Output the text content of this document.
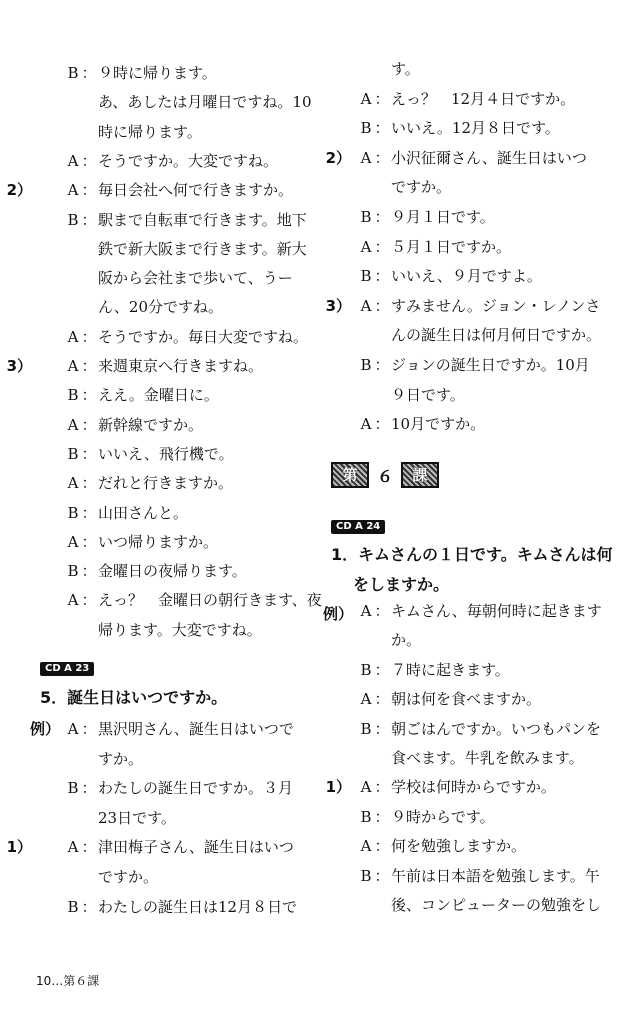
B ： ９時に帰ります。
あ、あしたは月曜日ですね。10
時に帰ります。
A ： そうですか。大変ですね。
2）	A ： 毎日会社へ何で行きますか。
B ： 駅まで自転車で行きます。地下
鉄で新大阪まで行きます。新大
阪から会社まで歩いて、うー
ん、20分ですね。
A ： そうですか。毎日大変ですね。
3）	A ： 来週東京へ行きますね。
B ： ええ。金曜日に。
A ： 新幹線ですか。
B ： いいえ、飛行機で。
A ： だれと行きますか。
B ： 山田さんと。
A ： いつ帰りますか。
B ： 金曜日の夜帰ります。
A ： えっ？　金曜日の朝行きます、夜
帰ります。大変ですね。
CD A 23
5．誕生日はいつですか。
例） A ： 黒沢明さん、誕生日はいつで
すか。
B ： わたしの誕生日ですか。３月
23日です。
1）	A ： 津田梅子さん、誕生日はいつ
ですか。
B ： わたしの誕生日は12月８日で
10…第６課
す。
A ： えっ？　12月４日ですか。
B ： いいえ。12月８日です。
2） A ： 小沢征爾さん、誕生日はいつ
ですか。
B ： ９月１日です。
A ： ５月１日ですか。
B ： いいえ、９月ですよ。
3） A ： すみません。ジョン・レノンさ
んの誕生日は何月何日ですか。
B ： ジョンの誕生日ですか。10月
９日です。
A ： 10月ですか。
第	６	課
CD A 24
1．キムさんの１日です。キムさんは何
をしますか。
例） A ： キムさん、毎朝何時に起きます
か。
B ： ７時に起きます。
A ： 朝は何を食べますか。
B ： 朝ごはんですか。いつもパンを
食べます。牛乳を飲みます。
1） A ： 学校は何時からですか。
B ： ９時からです。
A ： 何を勉強しますか。
B ： 午前は日本語を勉強します。午
後、コンピューターの勉強をし
